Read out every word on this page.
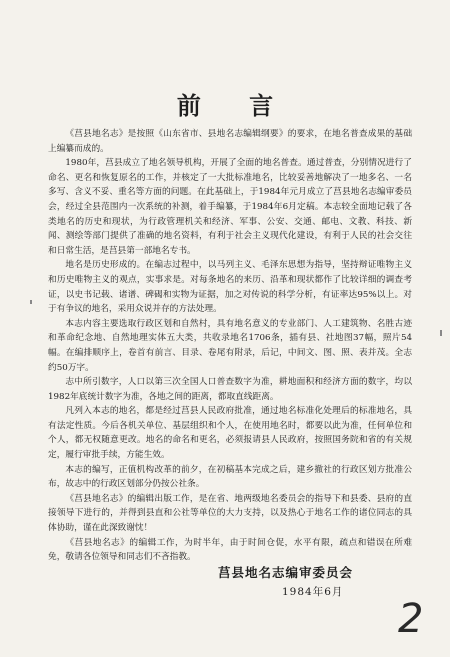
前 言

《莒县地名志》是按照《山东省市、县地名志编辑纲要》的要求，在地名普查成果的基础上编纂而成的。

1980年，莒县成立了地名领导机构，开展了全面的地名普查。通过普查，分别情况进行了命名、更名和恢复原名的工作，并核定了一大批标准地名，比较妥善地解决了一地多名、一名多写、含义不妥、重名等方面的问题。在此基础上，于1984年元月成立了莒县地名志编审委员会，经过全县范围内一次系统的补测，着手编纂，于1984年6月定稿。本志较全面地记载了各类地名的历史和现状，为行政管理机关和经济、军事、公安、交通、邮电、文教、科技、新闻、测绘等部门提供了准确的地名资料，有利于社会主义现代化建设，有利于人民的社会交往和日常生活，是莒县第一部地名专书。

地名是历史形成的。在编志过程中，以马列主义、毛泽东思想为指导，坚持辩证唯物主义和历史唯物主义的观点，实事求是。对每条地名的来历、沿革和现状都作了比较详细的调查考证，以史书记载、诸谱、碑碣和实物为证据，加之对传说的科学分析，有证率达95%以上。对于有争议的地名，采用众说并存的方法处理。

本志内容主要选取行政区划和自然村，具有地名意义的专业部门、人工建筑物、名胜古迹和革命纪念地、自然地理实体五大类，共收录地名1706条，插有县、社地图37幅，照片54幅。在编排顺序上，卷首有前言、目录、卷尾有附录，后记，中间文、图、照、表并茂。全志约50万字。

志中所引数字，人口以第三次全国人口普查数字为准，耕地面积和经济方面的数字，均以1982年底统计数字为准，各地之间的距离，都取直线距离。

凡列入本志的地名，都是经过莒县人民政府批准，通过地名标准化处理后的标准地名，具有法定性质。今后各机关单位、基层组织和个人，在使用地名时，都要以此为准，任何单位和个人，都无权随意更改。地名的命名和更名，必须报请县人民政府，按照国务院和省的有关规定，履行审批手续，方能生效。

本志的编写，正值机构改革的前夕，在初稿基本完成之后，建乡撤社的行政区划方批准公布，故志中的行政区划部分仍按公社条。

《莒县地名志》的编辑出版工作，是在省、地两级地名委员会的指导下和县委、县府的直接领导下进行的，并得到县直和公社等单位的大力支持，以及热心于地名工作的诸位同志的具体协助，谨在此深致谢忱！

《莒县地名志》的编辑工作，为时半年，由于时间仓促，水平有限，疏点和错误在所难免，敬请各位领导和同志们不吝指教。

莒县地名志编审委员会
1984年6月
2
